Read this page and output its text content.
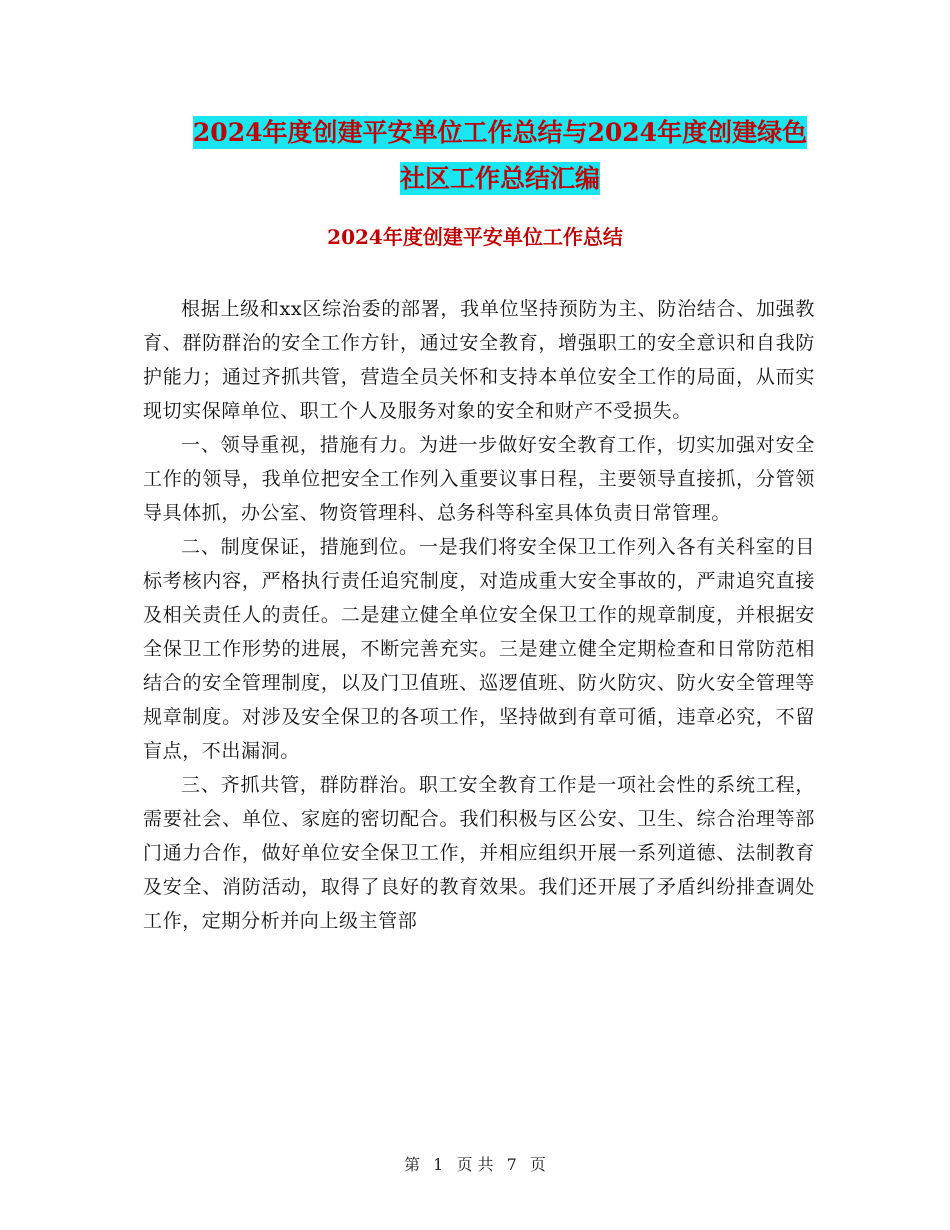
2024年度创建平安单位工作总结与2024年度创建绿色
社区工作总结汇编
2024年度创建平安单位工作总结

根据上级和xx区综治委的部署，我单位坚持预防为主、防治结合、加强教育、群防群治的安全工作方针，通过安全教育，增强职工的安全意识和自我防护能力；通过齐抓共管，营造全员关怀和支持本单位安全工作的局面，从而实现切实保障单位、职工个人及服务对象的安全和财产不受损失。

一、领导重视，措施有力。为进一步做好安全教育工作，切实加强对安全工作的领导，我单位把安全工作列入重要议事日程，主要领导直接抓，分管领导具体抓，办公室、物资管理科、总务科等科室具体负责日常管理。

二、制度保证，措施到位。一是我们将安全保卫工作列入各有关科室的目标考核内容，严格执行责任追究制度，对造成重大安全事故的，严肃追究直接及相关责任人的责任。二是建立健全单位安全保卫工作的规章制度，并根据安全保卫工作形势的进展，不断完善充实。三是建立健全定期检查和日常防范相结合的安全管理制度，以及门卫值班、巡逻值班、防火防灾、防火安全管理等规章制度。对涉及安全保卫的各项工作，坚持做到有章可循，违章必究，不留盲点，不出漏洞。

三、齐抓共管，群防群治。职工安全教育工作是一项社会性的系统工程，需要社会、单位、家庭的密切配合。我们积极与区公安、卫生、综合治理等部门通力合作，做好单位安全保卫工作，并相应组织开展一系列道德、法制教育及安全、消防活动，取得了良好的教育效果。我们还开展了矛盾纠纷排查调处工作，定期分析并向上级主管部

第 1 页 共 7 页
